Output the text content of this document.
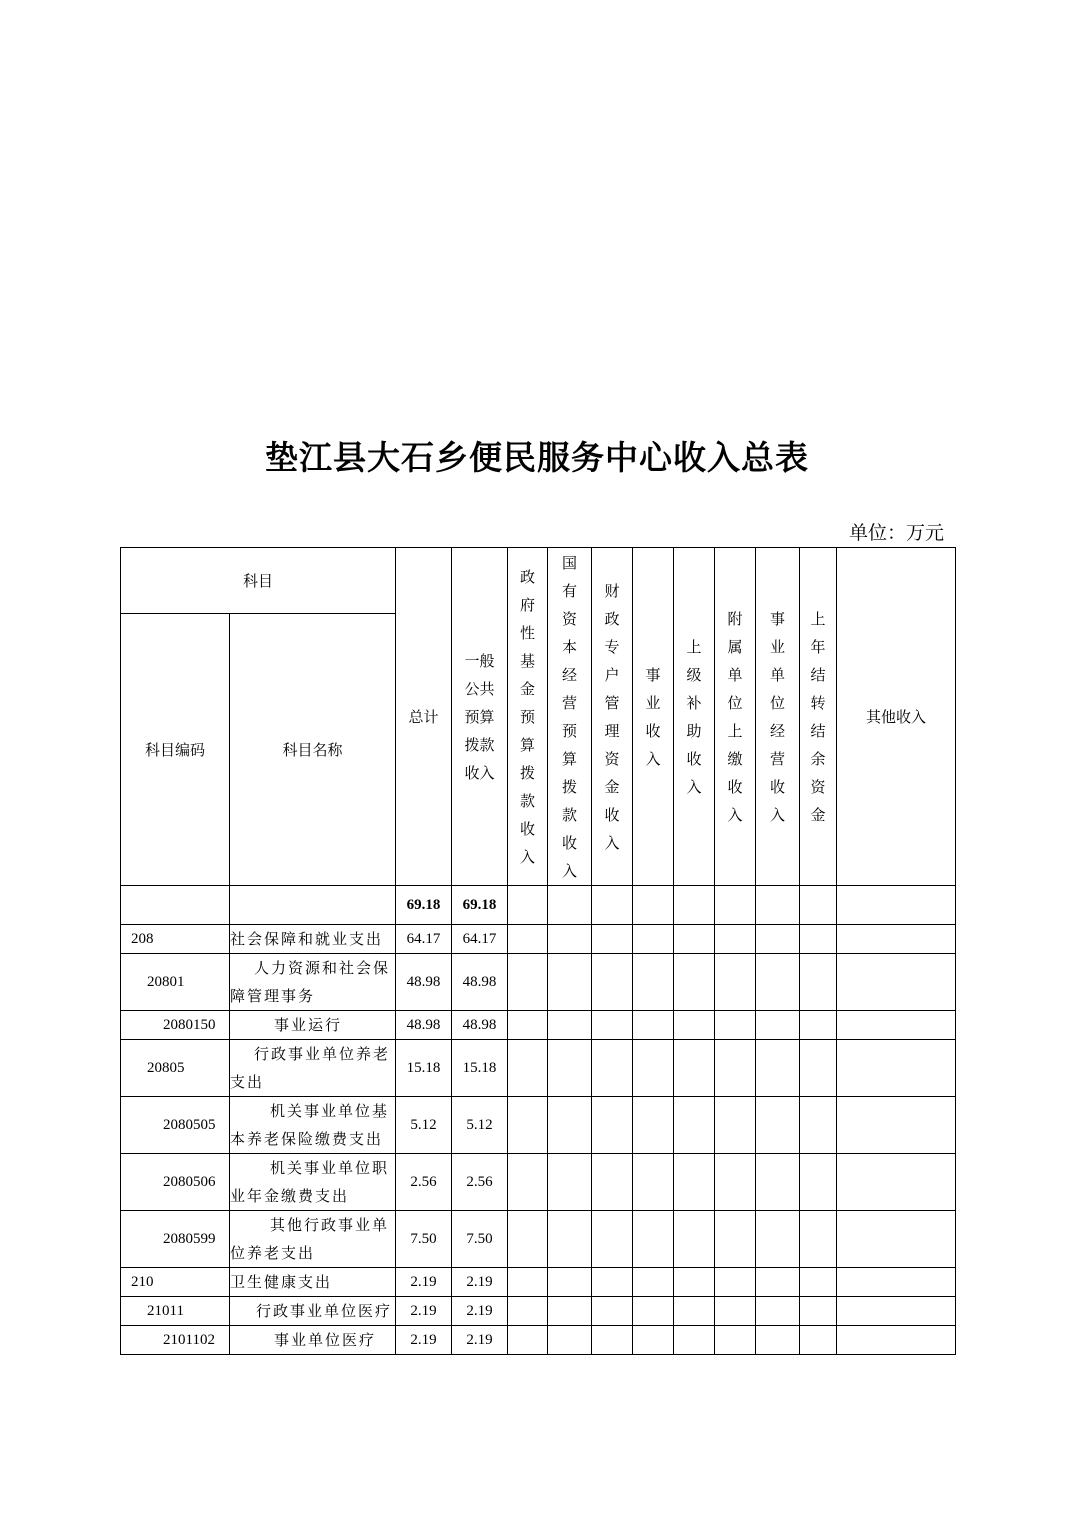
垫江县大石乡便民服务中心收入总表
单位：万元
科目		总计	一般公共预算拨款收入	政府性基金预算拨款收入	国有资本经营预算拨款收入	财政专户管理资金收入	事业收入	上级补助收入	附属单位上缴收入	事业单位经营收入	上年结转结余资金	其他收入
科目编码	科目名称											
		69.18	69.18									
208	社会保障和就业支出	64.17	64.17									
20801	人力资源和社会保障管理事务	48.98	48.98									
2080150	事业运行	48.98	48.98									
20805	行政事业单位养老支出	15.18	15.18									
2080505	机关事业单位基本养老保险缴费支出	5.12	5.12									
2080506	机关事业单位职业年金缴费支出	2.56	2.56									
2080599	其他行政事业单位养老支出	7.50	7.50									
210	卫生健康支出	2.19	2.19									
21011	行政事业单位医疗	2.19	2.19									
2101102	事业单位医疗	2.19	2.19									
